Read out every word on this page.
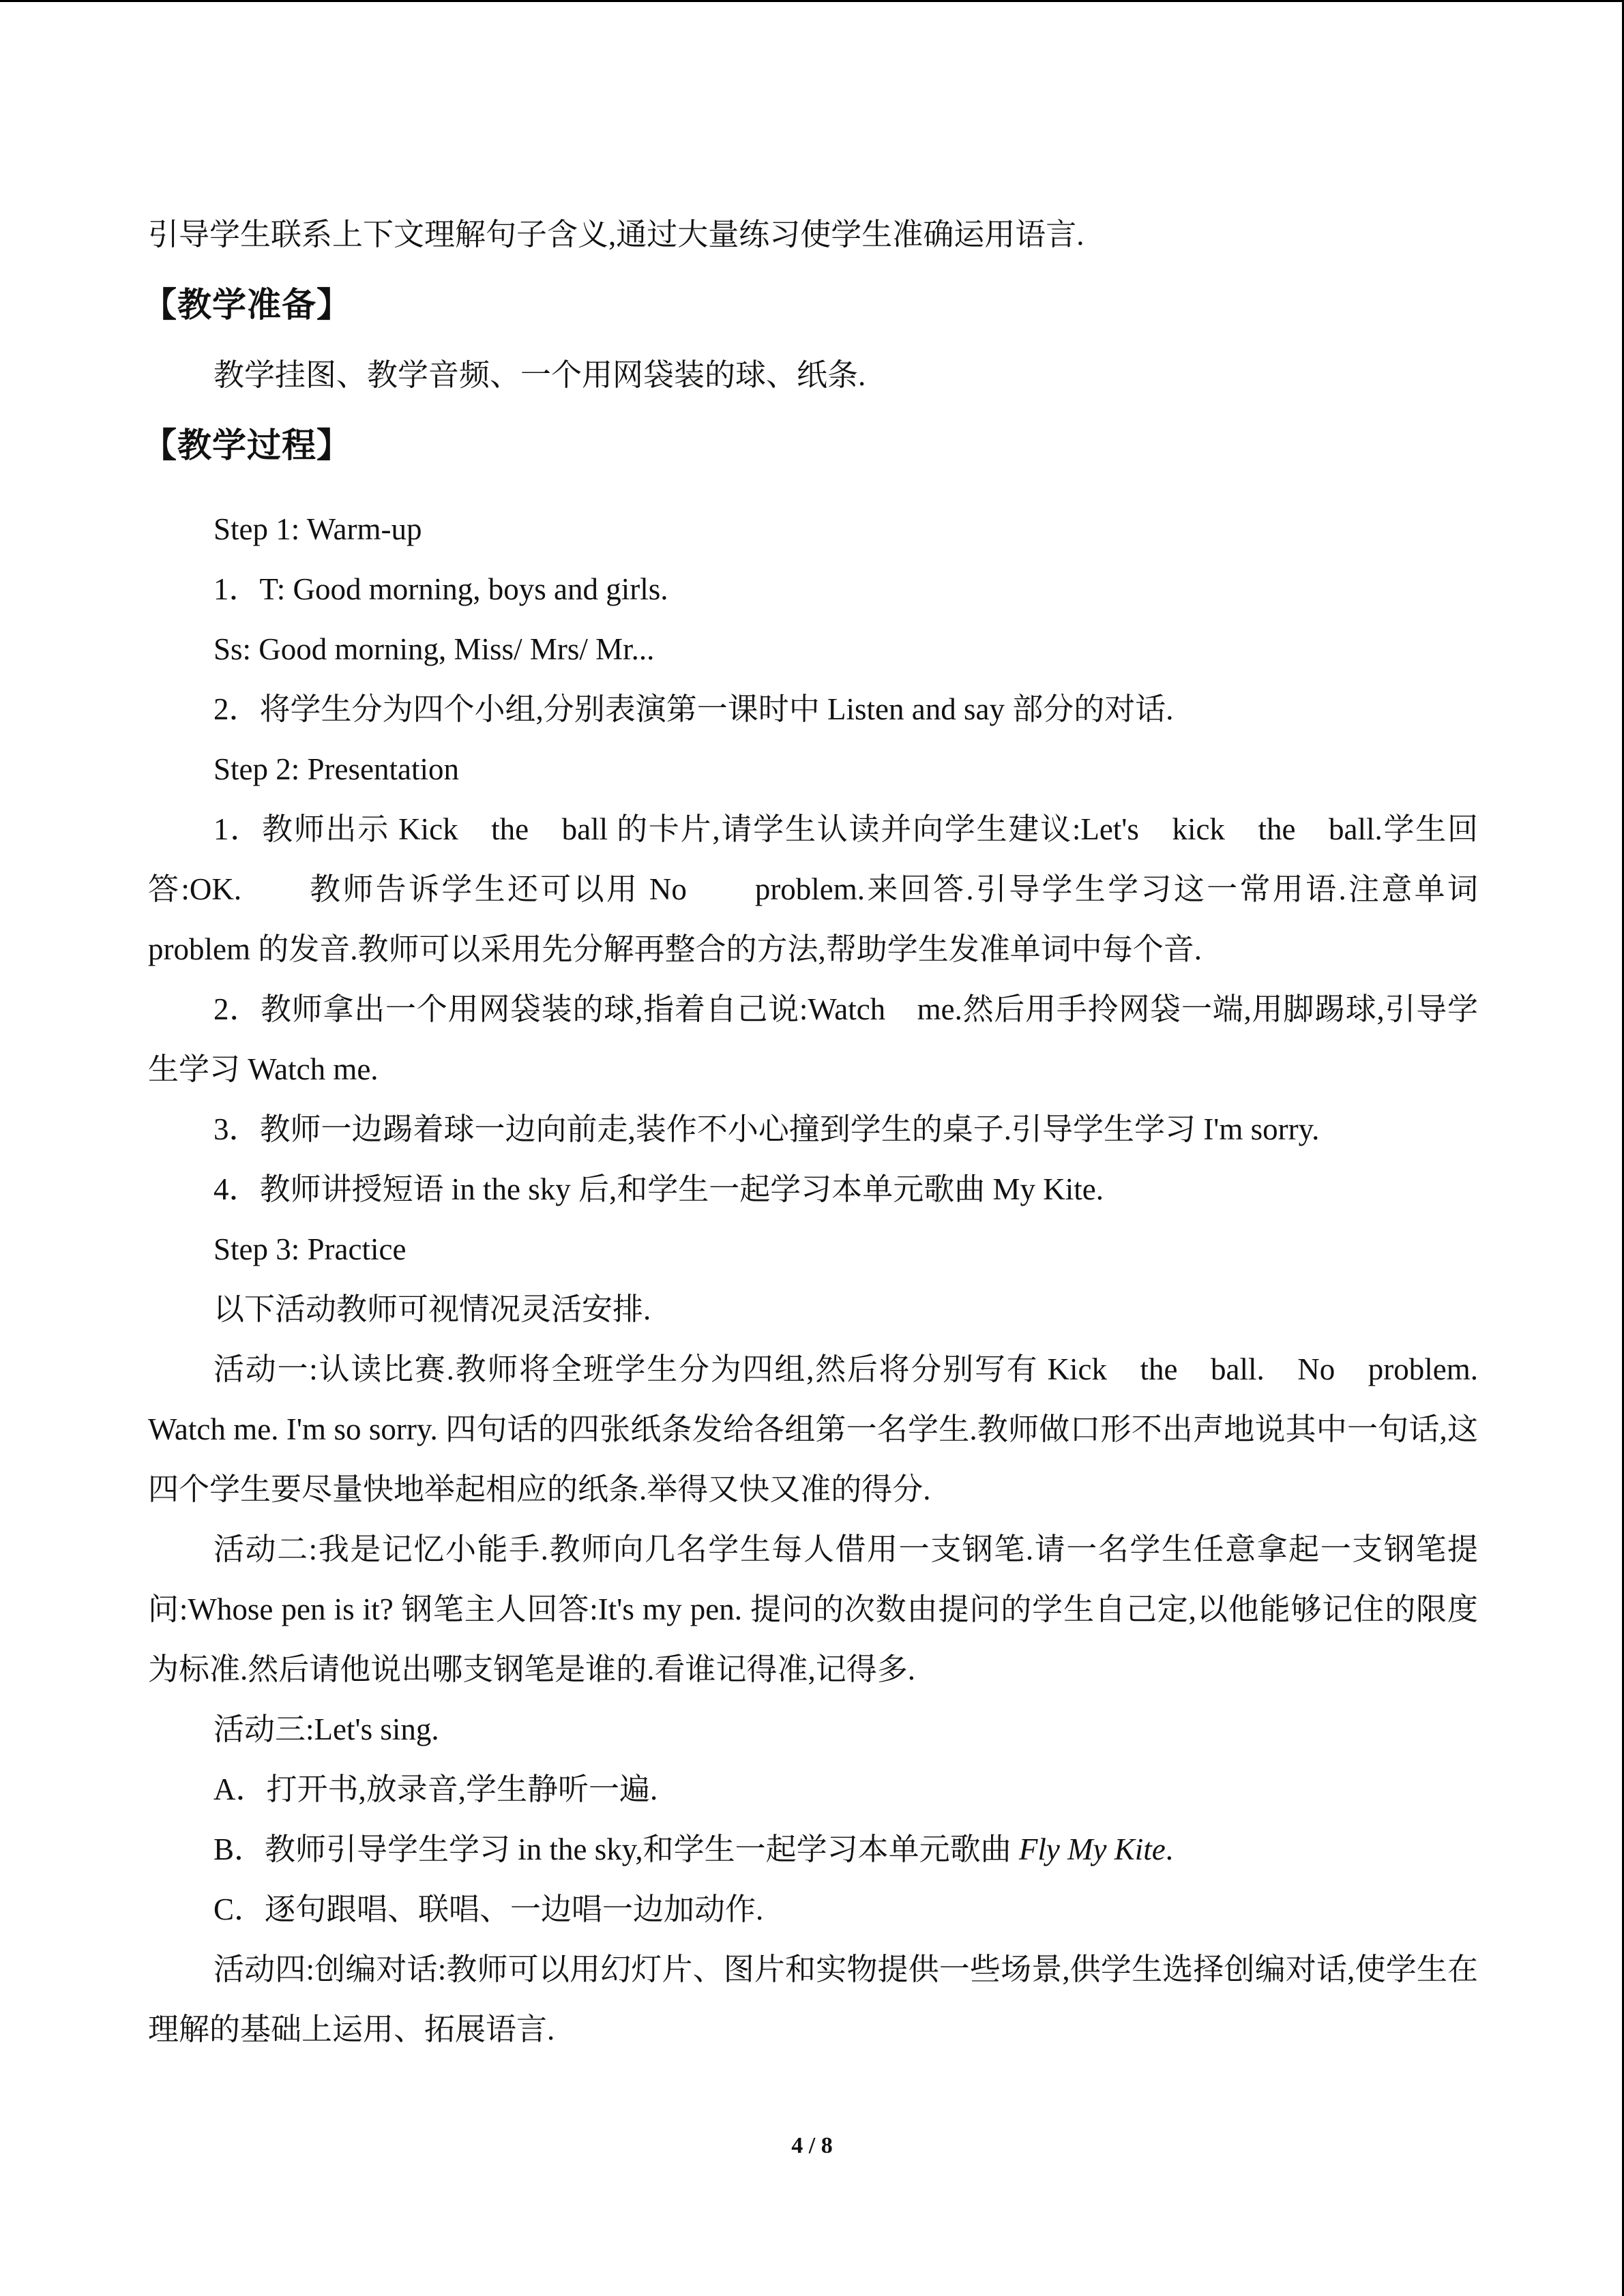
引导学生联系上下文理解句子含义,通过大量练习使学生准确运用语言.

【教学准备】

教学挂图、教学音频、一个用网袋装的球、纸条.

【教学过程】

Step 1: Warm-up

1．T: Good morning, boys and girls.

Ss: Good morning, Miss/ Mrs/ Mr...

2．将学生分为四个小组,分别表演第一课时中 Listen and say 部分的对话.

Step 2: Presentation

1．教师出示 Kick　the　ball 的卡片,请学生认读并向学生建议:Let's　kick　the　ball.学生回答:OK.　　教师告诉学生还可以用 No　　problem.来回答.引导学生学习这一常用语.注意单词 problem 的发音.教师可以采用先分解再整合的方法,帮助学生发准单词中每个音.

2．教师拿出一个用网袋装的球,指着自己说:Watch　me.然后用手拎网袋一端,用脚踢球,引导学生学习 Watch me.

3．教师一边踢着球一边向前走,装作不小心撞到学生的桌子.引导学生学习 I'm sorry.

4．教师讲授短语 in the sky 后,和学生一起学习本单元歌曲 My Kite.

Step 3: Practice

以下活动教师可视情况灵活安排.

活动一:认读比赛.教师将全班学生分为四组,然后将分别写有 Kick　the　ball.　No　problem. Watch me. I'm so sorry. 四句话的四张纸条发给各组第一名学生.教师做口形不出声地说其中一句话,这四个学生要尽量快地举起相应的纸条.举得又快又准的得分.

活动二:我是记忆小能手.教师向几名学生每人借用一支钢笔.请一名学生任意拿起一支钢笔提问:Whose pen is it? 钢笔主人回答:It's my pen. 提问的次数由提问的学生自己定,以他能够记住的限度为标准.然后请他说出哪支钢笔是谁的.看谁记得准,记得多.

活动三:Let's sing.

A．打开书,放录音,学生静听一遍.

B．教师引导学生学习 in the sky,和学生一起学习本单元歌曲 Fly My Kite.

C．逐句跟唱、联唱、一边唱一边加动作.

活动四:创编对话:教师可以用幻灯片、图片和实物提供一些场景,供学生选择创编对话,使学生在理解的基础上运用、拓展语言.

4 / 8
